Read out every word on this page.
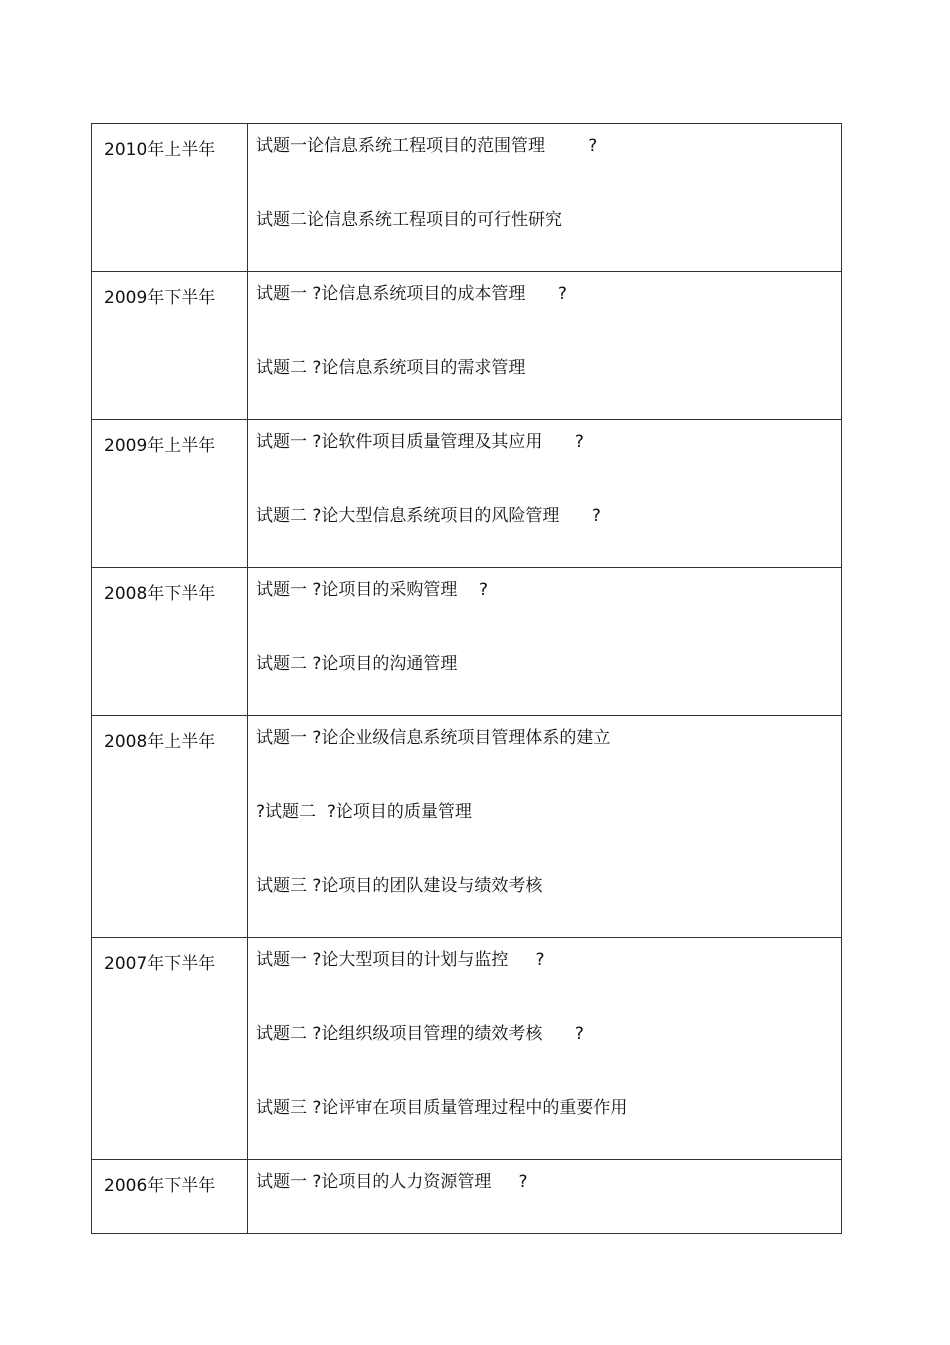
2010年上半年	试题一论信息系统工程项目的范围管理        ?
试题二论信息系统工程项目的可行性研究

2009年下半年	试题一 ?论信息系统项目的成本管理      ?
试题二 ?论信息系统项目的需求管理

2009年上半年	试题一 ?论软件项目质量管理及其应用      ?
试题二 ?论大型信息系统项目的风险管理      ?

2008年下半年	试题一 ?论项目的采购管理    ?
试题二 ?论项目的沟通管理

2008年上半年	试题一 ?论企业级信息系统项目管理体系的建立
?试题二  ?论项目的质量管理
试题三 ?论项目的团队建设与绩效考核

2007年下半年	试题一 ?论大型项目的计划与监控     ?
试题二 ?论组织级项目管理的绩效考核      ?
试题三 ?论评审在项目质量管理过程中的重要作用

2006年下半年	试题一 ?论项目的人力资源管理     ?
